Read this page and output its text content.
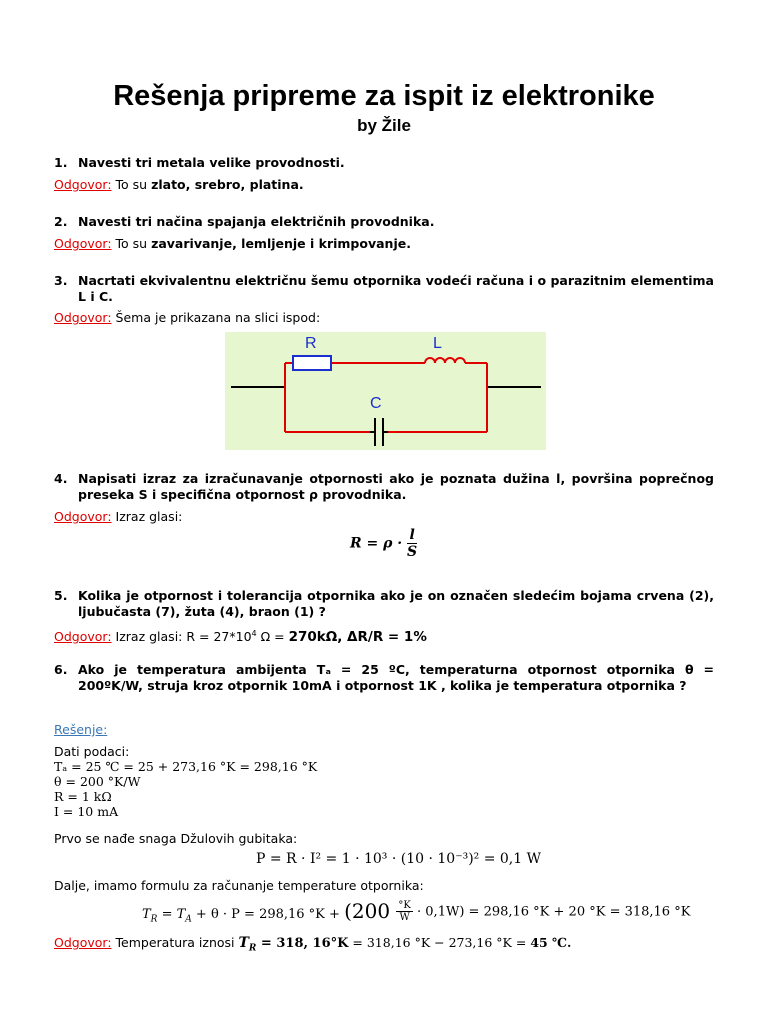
Rešenja pripreme za ispit iz elektronike
by Žile
1. Navesti tri metala velike provodnosti.
Odgovor: To su zlato, srebro, platina.
2. Navesti tri načina spajanja električnih provodnika.
Odgovor: To su zavarivanje, lemljenje i krimpovanje.
3. Nacrtati ekvivalentnu električnu šemu otpornika vodeći računa i o parazitnim elementima L i C.
Odgovor: Šema je prikazana na slici ispod:
R	L
C
4. Napisati izraz za izračunavanje otpornosti ako je poznata dužina l, površina poprečnog preseka S i specifična otpornost ρ provodnika.
Odgovor: Izraz glasi:
$R = \rho \cdot \frac{l}{S}$
5. Kolika je otpornost i tolerancija otpornika ako je on označen sledećim bojama crvena (2), ljubučasta (7), žuta (4), braon (1) ?
Odgovor: Izraz glasi: $R = 27*10^4$ Ω = 270kΩ, ΔR/R = 1%
6. Ako je temperatura ambijenta Tₐ = 25 ºC, temperaturna otpornost otpornika θ = 200ºK/W, struja kroz otpornik 10mA i otpornost 1K , kolika je temperatura otpornika ?
Rešenje:
Dati podaci:
Tₐ = 25 ℃ = 25 + 273,16 °K = 298,16 °K
θ = 200 °K/W
R = 1 kΩ
I = 10 mA
Prvo se nađe snaga Džulovih gubitaka:
P = R · I² = 1 · 10³ · (10 · 10⁻³)² = 0,1 W
Dalje, imamo formulu za računanje temperature otpornika:
$T_R = T_A + \theta \cdot P = 298,16$ $^\circ K + (200 \frac{^\circ K}{W} \cdot 0,1W) = 298,16$ °K + 20 °K = 318,16 °K
Odgovor: Temperatura iznosi $T_R = 318$, 16°K = 318,16 °K − 273,16 °K = 45 ℃.
